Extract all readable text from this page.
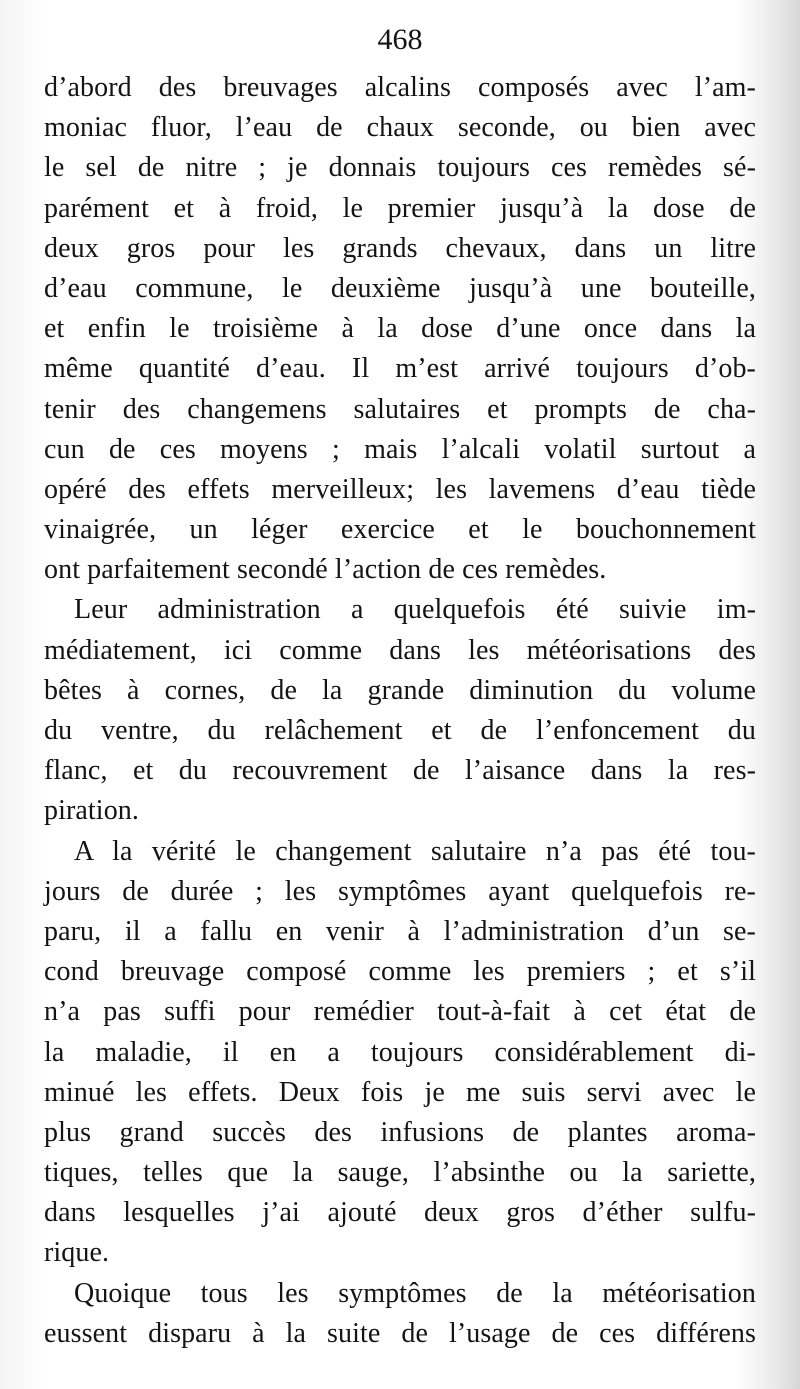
468
d’abord des breuvages alcalins composés avec l’am-
moniac fluor, l’eau de chaux seconde, ou bien avec
le sel de nitre ; je donnais toujours ces remèdes sé-
parément et à froid, le premier jusqu’à la dose de
deux gros pour les grands chevaux, dans un litre
d’eau commune, le deuxième jusqu’à une bouteille,
et enfin le troisième à la dose d’une once dans la
même quantité d’eau. Il m’est arrivé toujours d’ob-
tenir des changemens salutaires et prompts de cha-
cun de ces moyens ; mais l’alcali volatil surtout a
opéré des effets merveilleux; les lavemens d’eau tiède
vinaigrée, un léger exercice et le bouchonnement
ont parfaitement secondé l’action de ces remèdes.
Leur administration a quelquefois été suivie im-
médiatement, ici comme dans les météorisations des
bêtes à cornes, de la grande diminution du volume
du ventre, du relâchement et de l’enfoncement du
flanc, et du recouvrement de l’aisance dans la res-
piration.
A la vérité le changement salutaire n’a pas été tou-
jours de durée ; les symptômes ayant quelquefois re-
paru, il a fallu en venir à l’administration d’un se-
cond breuvage composé comme les premiers ; et s’il
n’a pas suffi pour remédier tout-à-fait à cet état de
la maladie, il en a toujours considérablement di-
minué les effets. Deux fois je me suis servi avec le
plus grand succès des infusions de plantes aroma-
tiques, telles que la sauge, l’absinthe ou la sariette,
dans lesquelles j’ai ajouté deux gros d’éther sulfu-
rique.
Quoique tous les symptômes de la météorisation
eussent disparu à la suite de l’usage de ces différens
